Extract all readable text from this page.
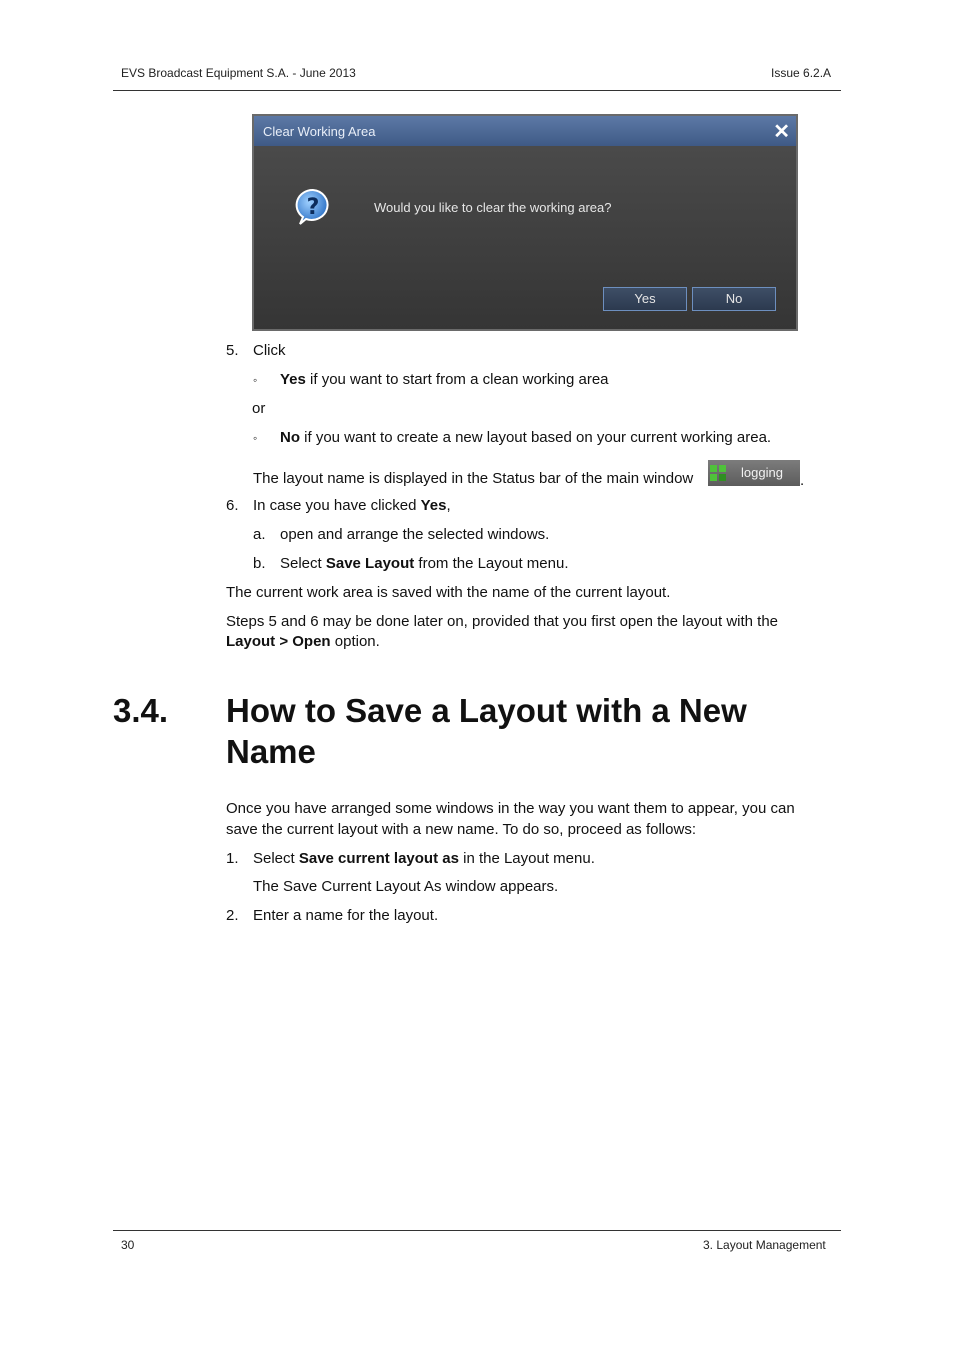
EVS Broadcast Equipment S.A. - June 2013	Issue 6.2.A
Clear Working Area	✕
?	Would you like to clear the working area?
Yes	No
5. Click
◦ Yes if you want to start from a clean working area
or
◦ No if you want to create a new layout based on your current working area.
The layout name is displayed in the Status bar of the main window	logging .
6. In case you have clicked Yes,
a. open and arrange the selected windows.
b. Select Save Layout from the Layout menu.
The current work area is saved with the name of the current layout.
Steps 5 and 6 may be done later on, provided that you first open the layout with the
Layout > Open option.
3.4. How to Save a Layout with a New
Name
Once you have arranged some windows in the way you want them to appear, you can
save the current layout with a new name. To do so, proceed as follows:
1. Select Save current layout as in the Layout menu.
The Save Current Layout As window appears.
2. Enter a name for the layout.
30	3. Layout Management
